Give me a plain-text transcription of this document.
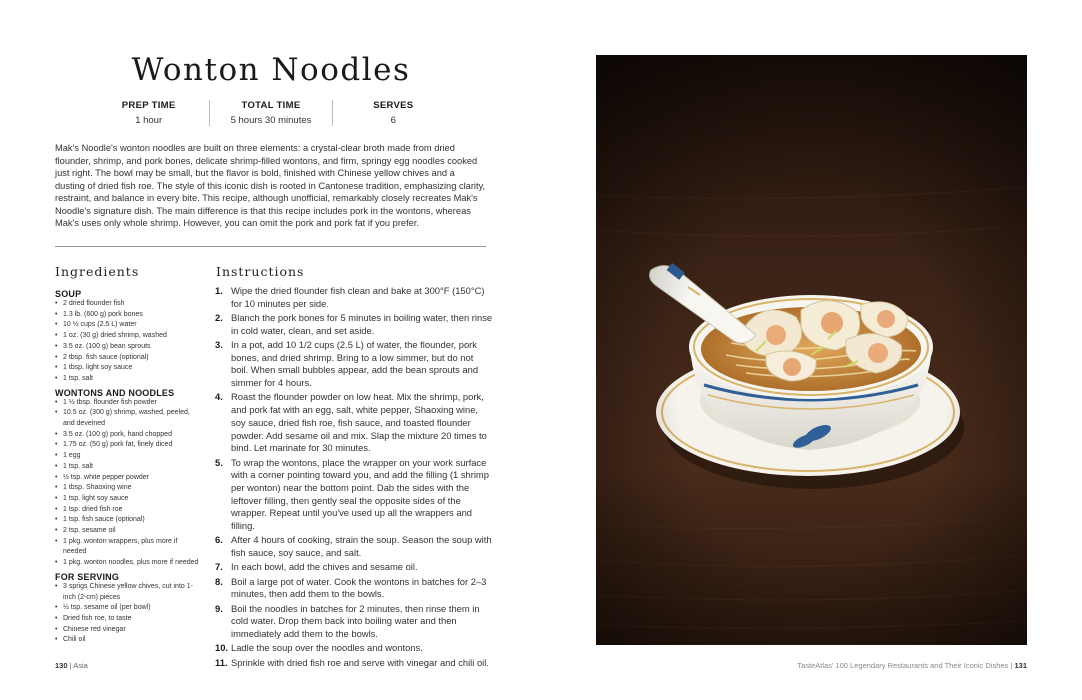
Wonton Noodles
PREP TIME
1 hour
TOTAL TIME
5 hours 30 minutes
SERVES
6

Mak's Noodle's wonton noodles are built on three elements: a crystal-clear broth made from dried flounder, shrimp, and pork bones, delicate shrimp-filled wontons, and firm, springy egg noodles cooked just right. The bowl may be small, but the flavor is bold, finished with Chinese yellow chives and a dusting of dried fish roe. The style of this iconic dish is rooted in Cantonese tradition, emphasizing clarity, restraint, and balance in every bite. This recipe, although unofficial, remarkably closely recreates Mak's Noodle's signature dish. The main difference is that this recipe includes pork in the wontons, whereas Mak's uses only whole shrimp. However, you can omit the pork and pork fat if you prefer.

Ingredients	Instructions
SOUP
• 2 dried flounder fish
• 1.3 lb. (600 g) pork bones
• 10 ½ cups (2.5 L) water
• 1 oz. (30 g) dried shrimp, washed
• 3.5 oz. (100 g) bean sprouts
• 2 tbsp. fish sauce (optional)
• 1 tbsp. light soy sauce
• 1 tsp. salt
WONTONS AND NOODLES
• 1 ½ tbsp. flounder fish powder
• 10.5 oz. (300 g) shrimp, washed, peeled, and deveined
• 3.5 oz. (100 g) pork, hand chopped
• 1.75 oz. (50 g) pork fat, finely diced
• 1 egg
• 1 tsp. salt
• ½ tsp. white pepper powder
• 1 tbsp. Shaoxing wine
• 1 tsp. light soy sauce
• 1 tsp. dried fish roe
• 1 tsp. fish sauce (optional)
• 2 tsp. sesame oil
• 1 pkg. wonton wrappers, plus more if needed
• 1 pkg. wonton noodles, plus more if needed
FOR SERVING
• 3 sprigs Chinese yellow chives, cut into 1-inch (2-cm) pieces
• ½ tsp. sesame oil (per bowl)
• Dried fish roe, to taste
• Chinese red vinegar
• Chili oil
1. Wipe the dried flounder fish clean and bake at 300°F (150°C) for 10 minutes per side.
2. Blanch the pork bones for 5 minutes in boiling water, then rinse in cold water, clean, and set aside.
3. In a pot, add 10 1/2 cups (2.5 L) of water, the flounder, pork bones, and dried shrimp. Bring to a low simmer, but do not boil. When small bubbles appear, add the bean sprouts and simmer for 4 hours.
4. Roast the flounder powder on low heat. Mix the shrimp, pork, and pork fat with an egg, salt, white pepper, Shaoxing wine, soy sauce, dried fish roe, fish sauce, and toasted flounder powder. Add sesame oil and mix. Slap the mixture 20 times to bind. Let marinate for 30 minutes.
5. To wrap the wontons, place the wrapper on your work surface with a corner pointing toward you, and add the filling (1 shrimp per wonton) near the bottom point. Dab the sides with the leftover filling, then gently seal the opposite sides of the wrapper. Repeat until you've used up all the wrappers and filling.
6. After 4 hours of cooking, strain the soup. Season the soup with fish sauce, soy sauce, and salt.
7. In each bowl, add the chives and sesame oil.
8. Boil a large pot of water. Cook the wontons in batches for 2–3 minutes, then add them to the bowls.
9. Boil the noodles in batches for 2 minutes, then rinse them in cold water. Drop them back into boiling water and then immediately add them to the bowls.
10. Ladle the soup over the noodles and wontons.
11. Sprinkle with dried fish roe and serve with vinegar and chili oil.
130 | Asia	TasteAtlas' 100 Legendary Restaurants and Their Iconic Dishes | 131
